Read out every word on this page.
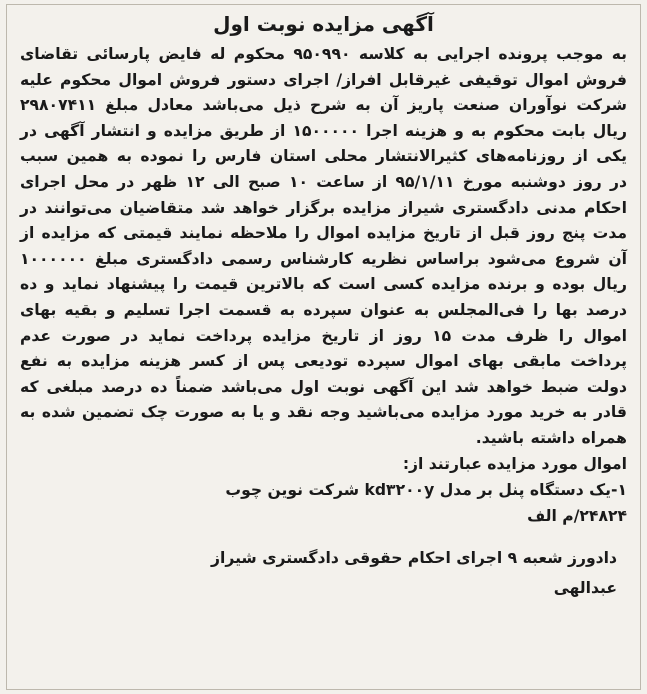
آگهی مزایده نوبت اول

به موجب پرونده اجرایی به کلاسه ۹۵۰۹۹۰ محکوم له فایض پارسائی تقاضای فروش اموال توقیفی غیرقابل افراز/ اجرای دستور فروش اموال محکوم علیه شرکت نوآوران صنعت پاریز آن به شرح ذیل می‌باشد معادل مبلغ ۲۹۸۰۷۴۱۱ ریال بابت محکوم به و هزینه اجرا ۱۵۰۰۰۰۰ از طریق مزایده و انتشار آگهی در یکی از روزنامه‌های کثیرالانتشار محلی استان فارس را نموده به همین سبب در روز دوشنبه مورخ ۹۵/۱/۱۱ از ساعت ۱۰ صبح الی ۱۲ ظهر در محل اجرای احکام مدنی دادگستری شیراز مزایده برگزار خواهد شد متقاضیان می‌توانند در مدت پنج روز قبل از تاریخ مزایده اموال را ملاحظه نمایند قیمتی که مزایده از آن شروع می‌شود براساس نظریه کارشناس رسمی دادگستری مبلغ ۱۰۰۰۰۰۰ ریال بوده و برنده مزایده کسی است که بالاترین قیمت را پیشنهاد نماید و ده درصد بها را فی‌المجلس به عنوان سپرده به قسمت اجرا تسلیم و بقیه بهای اموال را ظرف مدت ۱۵ روز از تاریخ مزایده پرداخت نماید در صورت عدم پرداخت مابقی بهای اموال سپرده تودیعی پس از کسر هزینه مزایده به نفع دولت ضبط خواهد شد این آگهی نوبت اول می‌باشد ضمناً ده درصد مبلغی که قادر به خرید مورد مزایده می‌باشید وجه نقد و یا به صورت چک تضمین شده به همراه داشته باشید.

اموال مورد مزایده عبارتند از:

۱-یک دستگاه پنل بر مدل kd۳۲۰۰y شرکت نوین چوب

۲۴۸۲۴/م الف

دادورز شعبه ۹ اجرای احکام حقوقی دادگستری شیراز

عبدالهی
